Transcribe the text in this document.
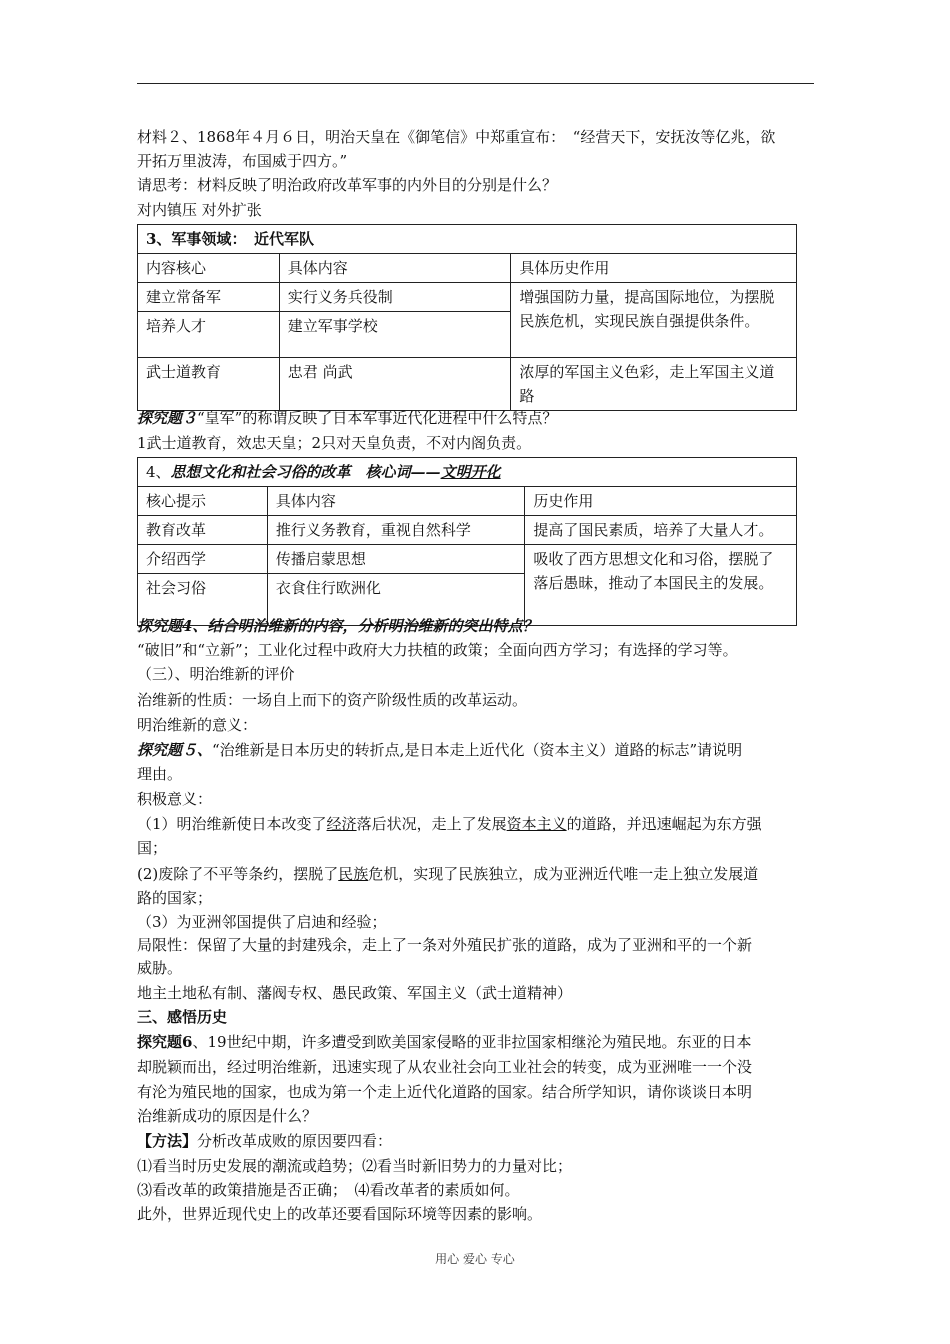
材料２、1868年４月６日，明治天皇在《御笔信》中郑重宣布：　“经营天下，安抚汝等亿兆，欲
开拓万里波涛，布国威于四方。”
请思考：材料反映了明治政府改革军事的内外目的分别是什么？
对内镇压 对外扩张
3、军事领域：　近代军队		
内容核心	具体内容	具体历史作用
建立常备军	实行义务兵役制	增强国防力量，提高国际地位，为摆脱民族危机，实现民族自强提供条件。
培养人才	建立军事学校	
武士道教育	忠君 尚武	浓厚的军国主义色彩，走上军国主义道路
探究题３“皇军”的称谓反映了日本军事近代化进程中什么特点？
1武士道教育，效忠天皇；2只对天皇负责，不对内阁负责。
4、思想文化和社会习俗的改革　核心词——文明开化		
核心提示	具体内容	历史作用
教育改革	推行义务教育，重视自然科学	提高了国民素质，培养了大量人才。
介绍西学	传播启蒙思想	吸收了西方思想文化和习俗，摆脱了落后愚昧，推动了本国民主的发展。
社会习俗	衣食住行欧洲化	
探究题4、结合明治维新的内容，分析明治维新的突出特点？
“破旧”和“立新”；工业化过程中政府大力扶植的政策；全面向西方学习；有选择的学习等。
（三）、明治维新的评价
治维新的性质：一场自上而下的资产阶级性质的改革运动。
明治维新的意义：
探究题５、“治维新是日本历史的转折点,是日本走上近代化（资本主义）道路的标志”请说明
理由。
积极意义：
（1）明治维新使日本改变了经济落后状况，走上了发展资本主义的道路，并迅速崛起为东方强
国；
(2)废除了不平等条约，摆脱了民族危机，实现了民族独立，成为亚洲近代唯一走上独立发展道
路的国家；
（3）为亚洲邻国提供了启迪和经验；
局限性：保留了大量的封建残余，走上了一条对外殖民扩张的道路，成为了亚洲和平的一个新
威胁。
地主土地私有制、藩阀专权、愚民政策、军国主义（武士道精神）
三、感悟历史
探究题6、19世纪中期，许多遭受到欧美国家侵略的亚非拉国家相继沦为殖民地。东亚的日本
却脱颖而出，经过明治维新，迅速实现了从农业社会向工业社会的转变，成为亚洲唯一一个没
有沦为殖民地的国家，也成为第一个走上近代化道路的国家。结合所学知识，请你谈谈日本明
治维新成功的原因是什么？
【方法】分析改革成败的原因要四看：
⑴看当时历史发展的潮流或趋势；⑵看当时新旧势力的力量对比；
⑶看改革的政策措施是否正确；　⑷看改革者的素质如何。
此外，世界近现代史上的改革还要看国际环境等因素的影响。
用心 爱心 专心
